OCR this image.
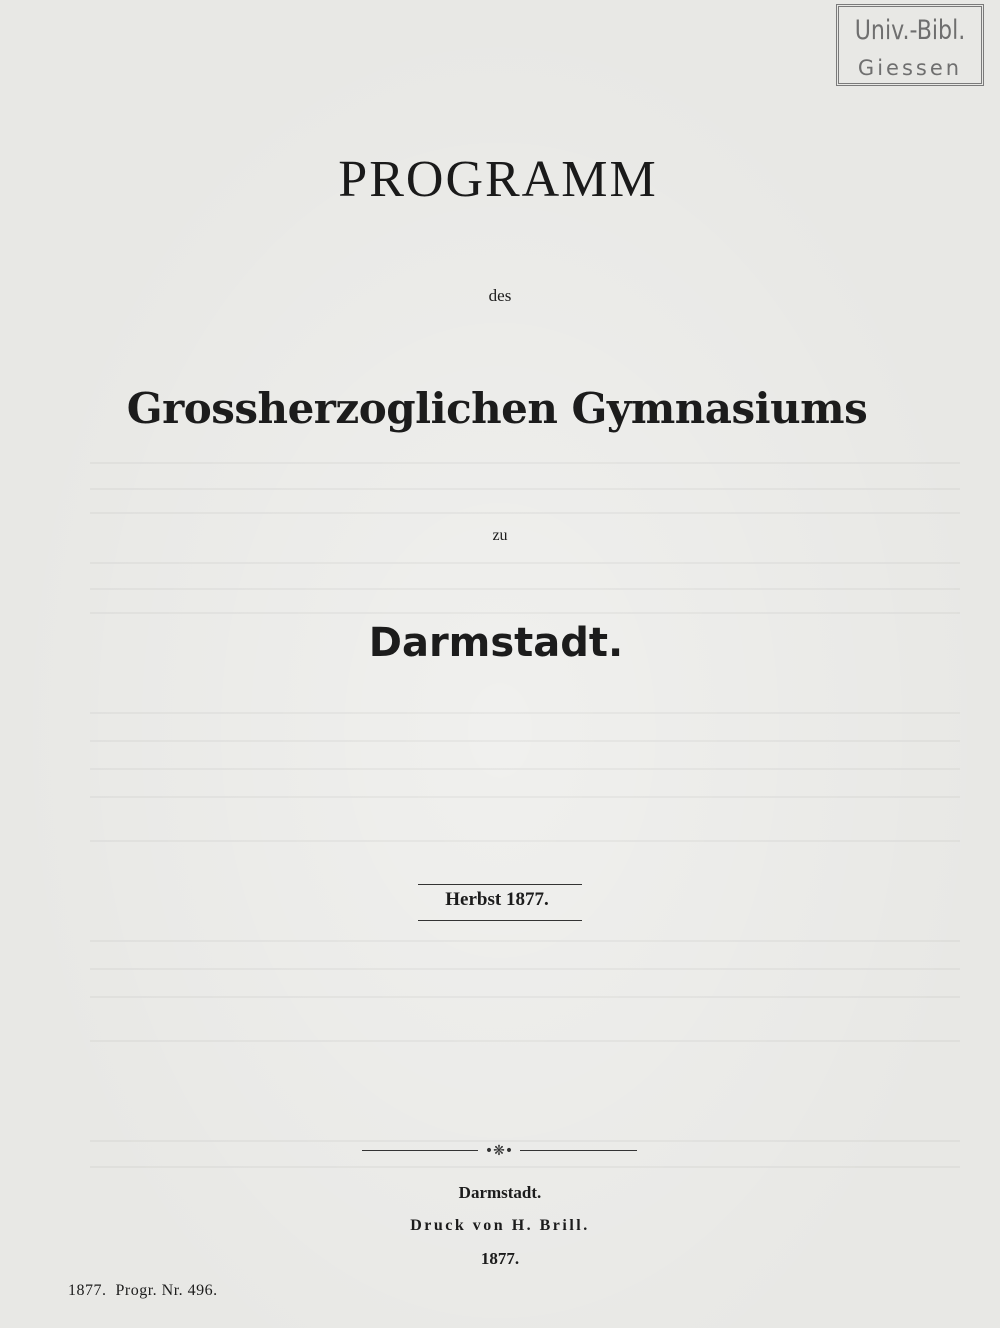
Univ.-Bibl.
Giessen
PROGRAMM
des
Grossherzoglichen Gymnasiums
zu
Darmstadt.
Herbst 1877.
•❋•
Darmstadt.
Druck von H. Brill.
1877.
1877.  Progr. Nr. 496.
